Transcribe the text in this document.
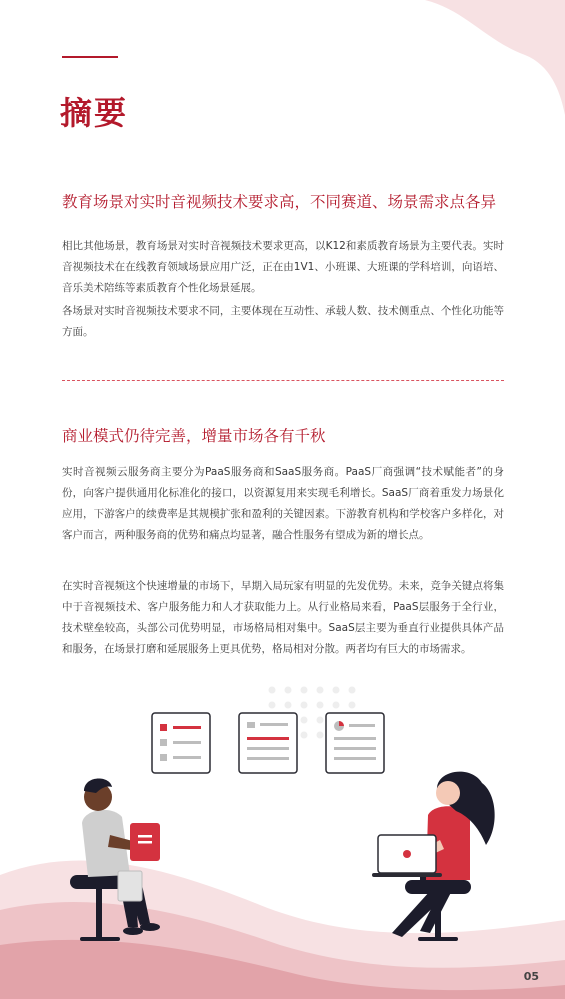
摘要
教育场景对实时音视频技术要求高，不同赛道、场景需求点各异

相比其他场景，教育场景对实时音视频技术要求更高，以K12和素质教育场景为主要代表。实时音视频技术在在线教育领域场景应用广泛，正在由1V1、小班课、大班课的学科培训，向语培、音乐美术陪练等素质教育个性化场景延展。

各场景对实时音视频技术要求不同，主要体现在互动性、承载人数、技术侧重点、个性化功能等方面。

商业模式仍待完善，增量市场各有千秋

实时音视频云服务商主要分为PaaS服务商和SaaS服务商。PaaS厂商强调“技术赋能者”的身份，向客户提供通用化标准化的接口，以资源复用来实现毛利增长。SaaS厂商着重发力场景化应用，下游客户的续费率是其规模扩张和盈利的关键因素。下游教育机构和学校客户多样化，对客户而言，两种服务商的优势和痛点均显著，融合性服务有望成为新的增长点。

在实时音视频这个快速增量的市场下，早期入局玩家有明显的先发优势。未来，竞争关键点将集中于音视频技术、客户服务能力和人才获取能力上。从行业格局来看，PaaS层服务于全行业，技术壁垒较高，头部公司优势明显，市场格局相对集中。SaaS层主要为垂直行业提供具体产品和服务，在场景打磨和延展服务上更具优势，格局相对分散。两者均有巨大的市场需求。

05
